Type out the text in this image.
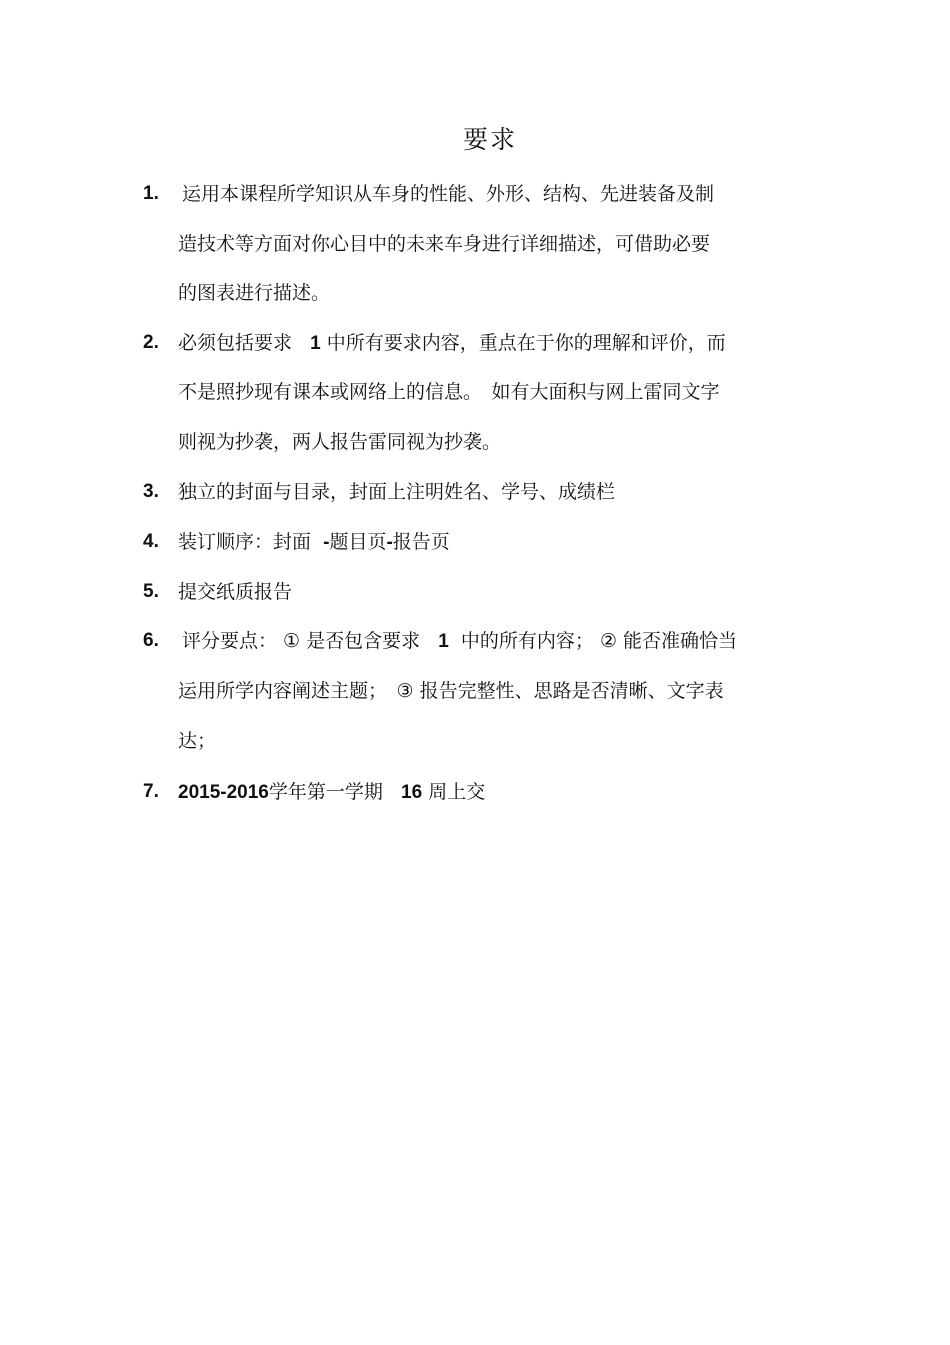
要求
1. 运用本课程所学知识从车身的性能、外形、结构、先进装备及制
造技术等方面对你心目中的未来车身进行详细描述，可借助必要
的图表进行描述。
2. 必须包括要求 1 中所有要求内容，重点在于你的理解和评价，而
不是照抄现有课本或网络上的信息。　如有大面积与网上雷同文字
则视为抄袭，两人报告雷同视为抄袭。
3. 独立的封面与目录，封面上注明姓名、学号、成绩栏
4. 装订顺序：封面 -题目页-报告页
5. 提交纸质报告
6. 评分要点： ① 是否包含要求 1 中的所有内容； ② 能否准确恰当
运用所学内容阐述主题；　③ 报告完整性、思路是否清晰、文字表
达；
7. 2015-2016学年第一学期 16 周上交
